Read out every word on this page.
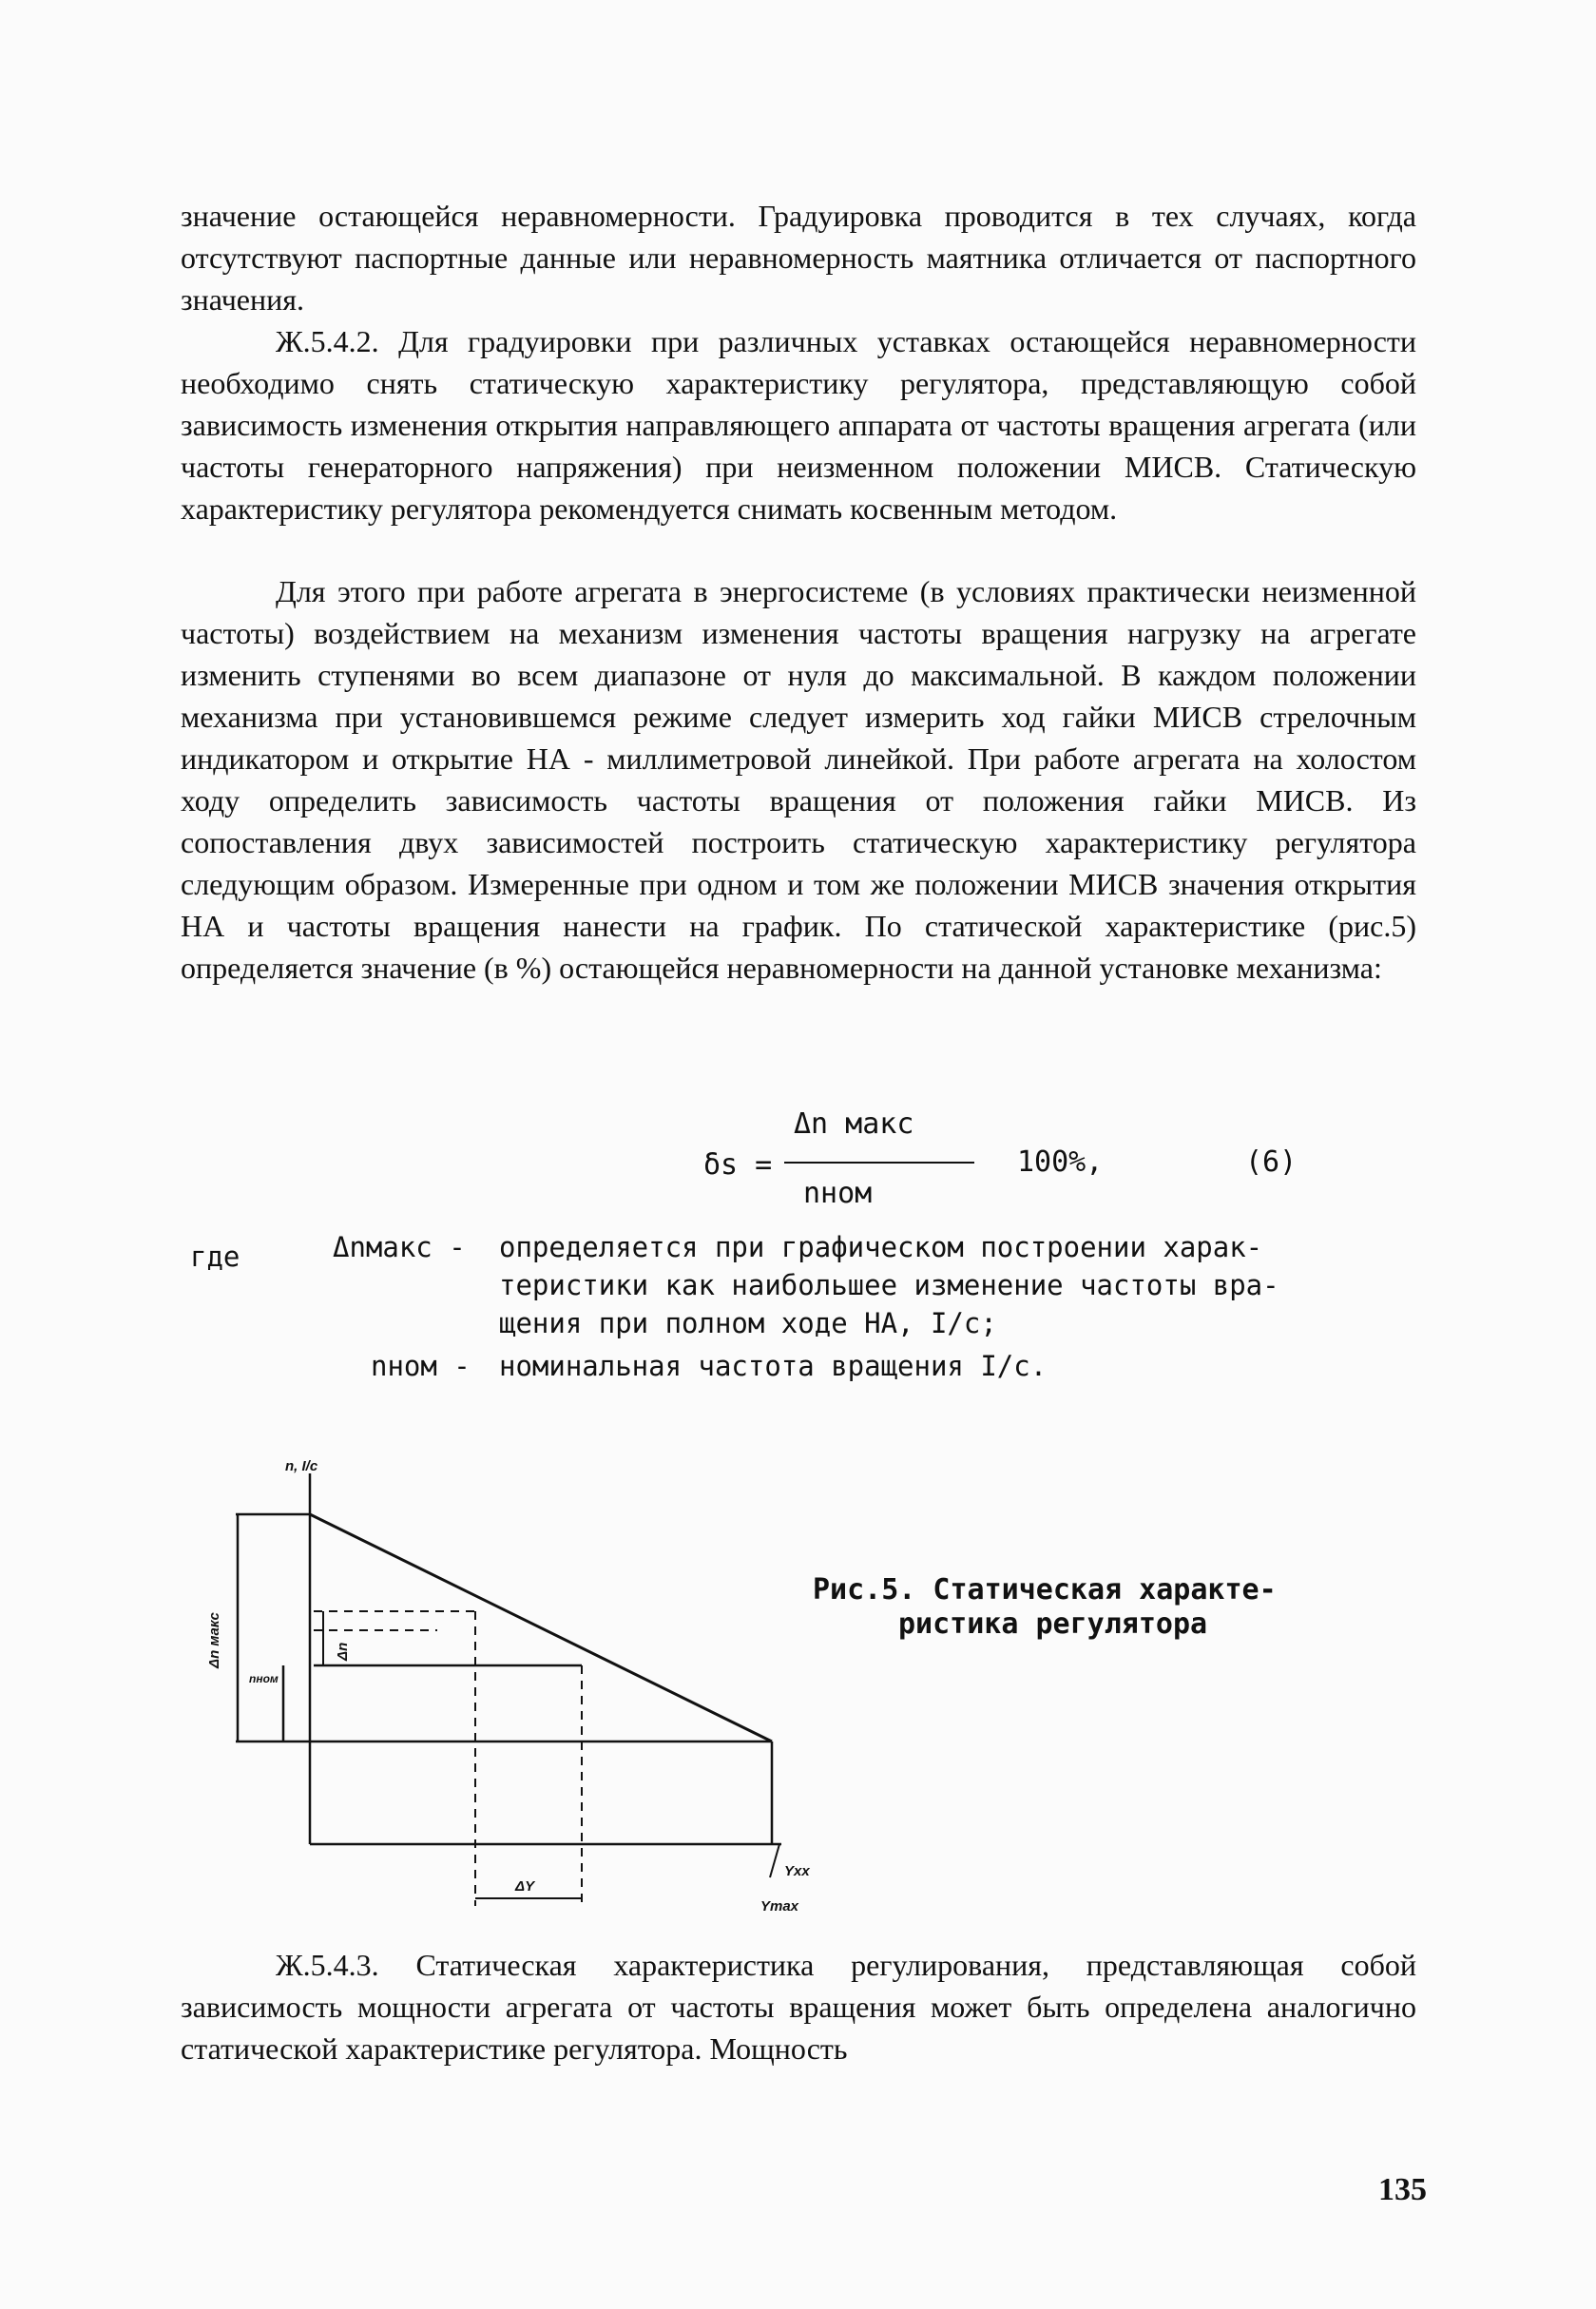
значение остающейся неравномерности. Градуировка проводится в тех случаях, когда отсутствуют паспортные данные или неравномерность маятника отличается от паспортного значения.

Ж.5.4.2. Для градуировки при различных уставках остающейся неравномерности необходимо снять статическую характеристику регулятора, представляющую собой зависимость изменения открытия направляющего аппарата от частоты вращения агрегата (или частоты генераторного напряжения) при неизменном положении МИСВ. Статическую характеристику регулятора рекомендуется снимать косвенным методом.

Для этого при работе агрегата в энергосистеме (в условиях практически неизменной частоты) воздействием на механизм изменения частоты вращения нагрузку на агрегате изменить ступенями во всем диапазоне от нуля до максимальной. В каждом положении механизма при установившемся режиме следует измерить ход гайки МИСВ стрелочным индикатором и открытие НА - миллиметровой линейкой. При работе агрегата на холостом ходу определить зависимость частоты вращения от положения гайки МИСВ. Из сопоставления двух зависимостей построить статическую характеристику регулятора следующим образом. Измеренные при одном и том же положении МИСВ значения открытия НА и частоты вращения нанести на график. По статической характеристике (рис.5) определяется значение (в %) остающейся неравномерности на данной установке механизма:

δs =
Δn макс
nном
100%,	(6)
где	Δnмакс - определяется при графическом построении харак-
теристики как наибольшее изменение частоты вра-
щения при полном ходе НА, I/с;
nном - номинальная частота вращения I/с.
n, I/c
Δn макс
nном
Δn
ΔY
Yхх
Ymax
Рис.5. Статическая характе-
ристика регулятора

Ж.5.4.3. Статическая характеристика регулирования, представляющая собой зависимость мощности агрегата от частоты вращения может быть определена аналогично статической характеристике регулятора. Мощность

135
